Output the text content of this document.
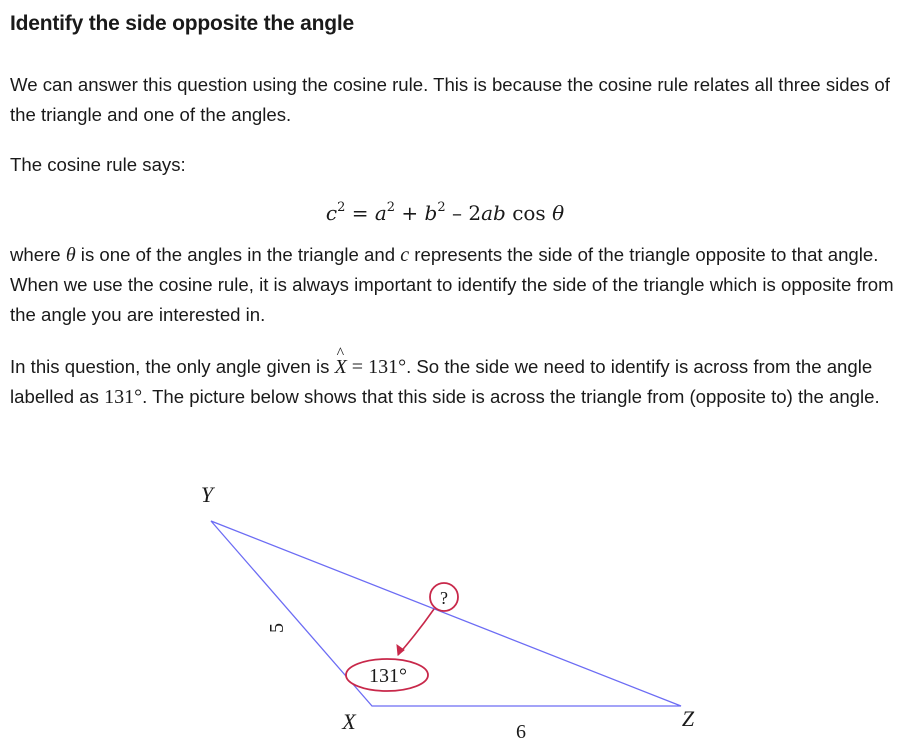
Identify the side opposite the angle

We can answer this question using the cosine rule. This is because the cosine rule relates all three sides of the triangle and one of the angles.

The cosine rule says:

$c^2 = a^2 + b^2 - 2ab$ cos θ

where θ is one of the angles in the triangle and c represents the side of the triangle opposite to that angle. When we use the cosine rule, it is always important to identify the side of the triangle which is opposite from the angle you are interested in.

In this question, the only angle given is ^ X = 131°. So the side we need to identify is across from the angle labelled as 131°. The picture below shows that this side is across the triangle from (opposite to) the angle.

131°
?
Y
X	Z
5
6
